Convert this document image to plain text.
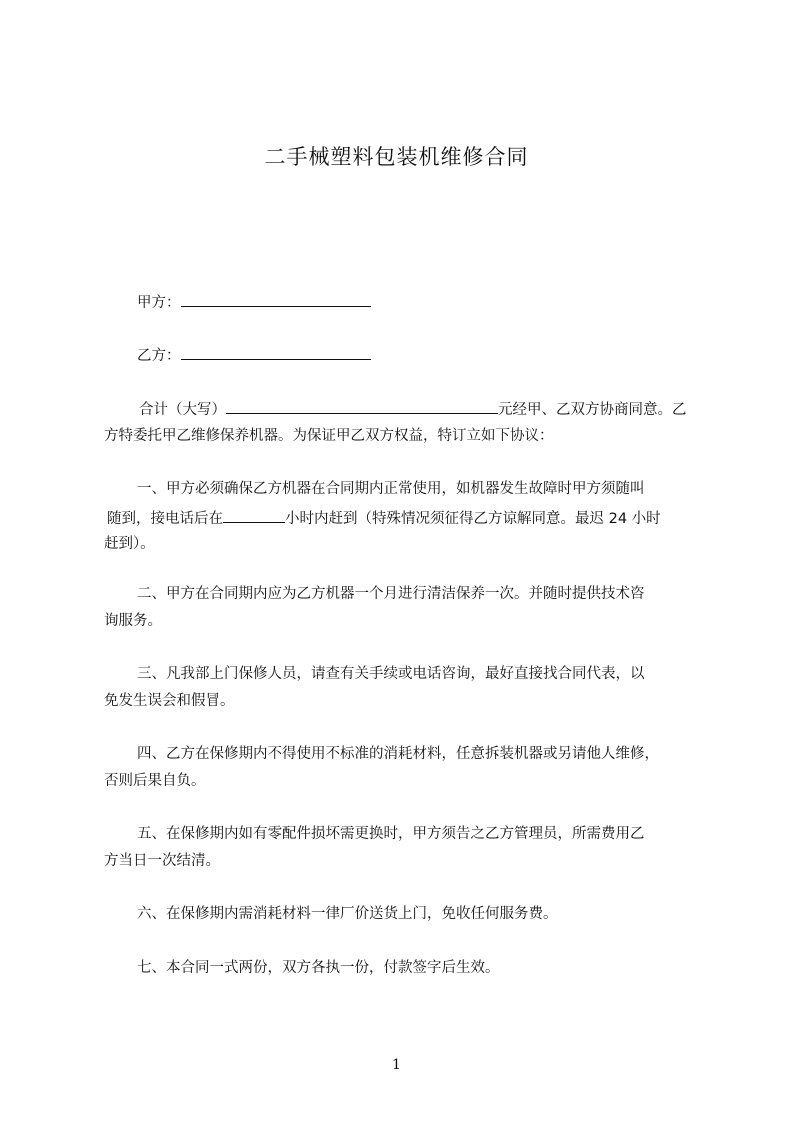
二手械塑料包装机维修合同
甲方：
乙方：
合计（大写）	元经甲、乙双方协商同意。乙
方特委托甲乙维修保养机器。为保证甲乙双方权益，特订立如下协议：
一、甲方必须确保乙方机器在合同期内正常使用，如机器发生故障时甲方须随叫
随到，接电话后在	小时内赶到（特殊情况须征得乙方谅解同意。最迟 24 小时
赶到）。
二、甲方在合同期内应为乙方机器一个月进行清洁保养一次。并随时提供技术咨
询服务。
三、凡我部上门保修人员，请查有关手续或电话咨询，最好直接找合同代表，以
免发生误会和假冒。
四、乙方在保修期内不得使用不标准的消耗材料，任意拆装机器或另请他人维修，
否则后果自负。
五、在保修期内如有零配件损坏需更换时，甲方须告之乙方管理员，所需费用乙
方当日一次结清。
六、在保修期内需消耗材料一律厂价送货上门，免收任何服务费。
七、本合同一式两份，双方各执一份，付款签字后生效。
1
